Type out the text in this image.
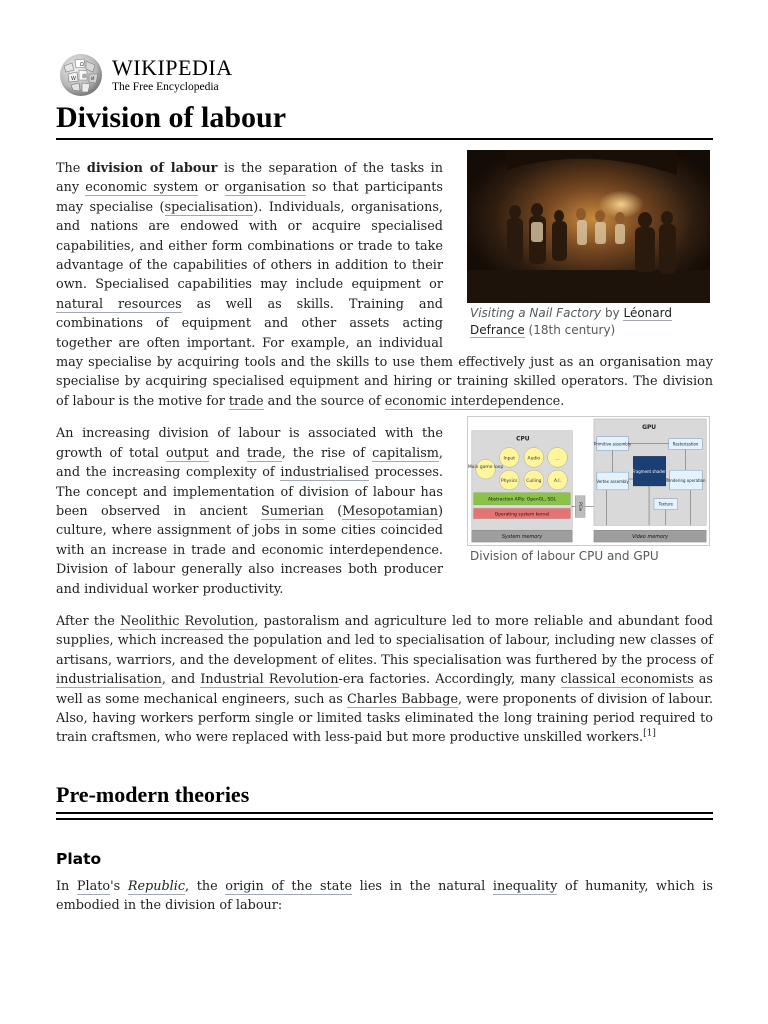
Ω
W 維 И WIKIPEDIA
The Free Encyclopedia
Division of labour
Visiting a Nail Factory by Léonard Defrance (18th century)

The division of labour is the separation of the tasks in any economic system or organisation so that participants may specialise (specialisation). Individuals, organisations, and nations are endowed with or acquire specialised capabilities, and either form combinations or trade to take advantage of the capabilities of others in addition to their own. Specialised capabilities may include equipment or natural resources as well as skills. Training and combinations of equipment and other assets acting together are often important. For example, an individual may specialise by acquiring tools and the skills to use them effectively just as an organisation may specialise by acquiring specialised equipment and hiring or training skilled operators. The division of labour is the motive for trade and the source of economic interdependence.

CPU
Main game loop
Input	Audio	...
Physics Culling	A.I.
Abstraction APIs: OpenGL, SDL
Operating system kernel
PCIe
GPU
Primitive assembly	Rasterization
Vertex assembly	Rendering operation
Texture
Fragment shader
System memory	Video memory
Division of labour CPU and GPU

An increasing division of labour is associated with the growth of total output and trade, the rise of capitalism, and the increasing complexity of industrialised processes. The concept and implementation of division of labour has been observed in ancient Sumerian (Mesopotamian) culture, where assignment of jobs in some cities coincided with an increase in trade and economic interdependence. Division of labour generally also increases both producer and individual worker productivity.

After the Neolithic Revolution, pastoralism and agriculture led to more reliable and abundant food supplies, which increased the population and led to specialisation of labour, including new classes of artisans, warriors, and the development of elites. This specialisation was furthered by the process of industrialisation, and Industrial Revolution-era factories. Accordingly, many classical economists as well as some mechanical engineers, such as Charles Babbage, were proponents of division of labour. Also, having workers perform single or limited tasks eliminated the long training period required to train craftsmen, who were replaced with less-paid but more productive unskilled workers.[1]

Pre-modern theories
Plato

In Plato's Republic, the origin of the state lies in the natural inequality of humanity, which is embodied in the division of labour:
